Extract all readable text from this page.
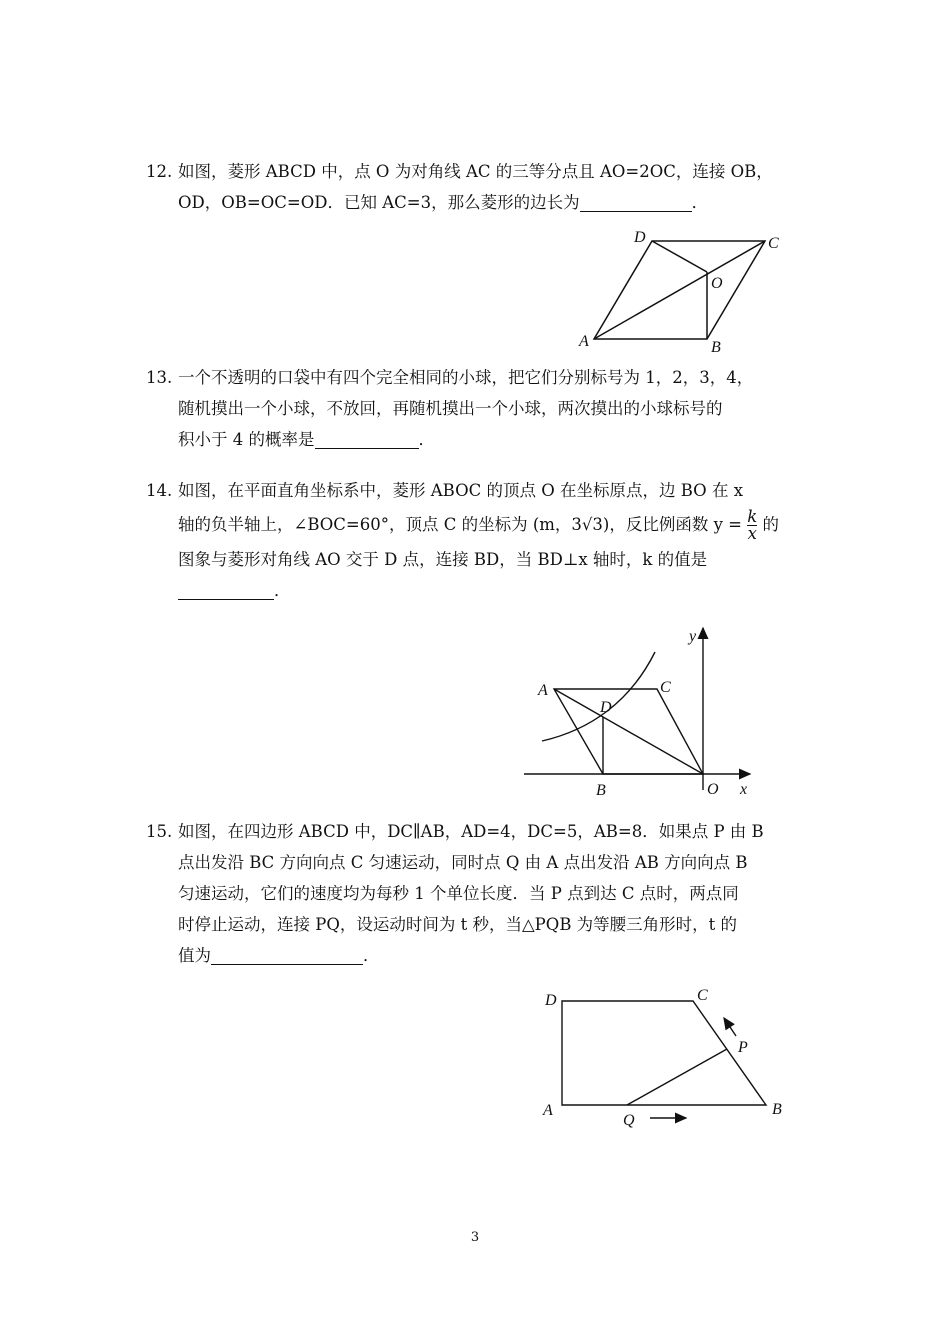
12. 如图，菱形 ABCD 中，点 O 为对角线 AC 的三等分点且 AO=2OC，连接 OB，
OD，OB=OC=OD．已知 AC=3，那么菱形的边长为	．
D	C
O
A	B
13. 一个不透明的口袋中有四个完全相同的小球，把它们分别标号为 1，2，3，4，
随机摸出一个小球，不放回，再随机摸出一个小球，两次摸出的小球标号的
积小于 4 的概率是	．
14. 如图，在平面直角坐标系中，菱形 ABOC 的顶点 O 在坐标原点，边 BO 在 x
轴的负半轴上，∠BOC=60°，顶点 C 的坐标为 (m，3√3)，反比例函数 $y = \frac{k}{x}$ 的
图象与菱形对角线 AO 交于 D 点，连接 BD，当 BD⊥x 轴时，k 的值是
．
y
A	C
D
B	O x
15. 如图，在四边形 ABCD 中，DC∥AB，AD=4，DC=5，AB=8．如果点 P 由 B
点出发沿 BC 方向向点 C 匀速运动，同时点 Q 由 A 点出发沿 AB 方向向点 B
匀速运动，它们的速度均为每秒 1 个单位长度．当 P 点到达 C 点时，两点同
时停止运动，连接 PQ，设运动时间为 t 秒，当△PQB 为等腰三角形时，t 的
值为	．
D	C
P
A
Q
B
3
